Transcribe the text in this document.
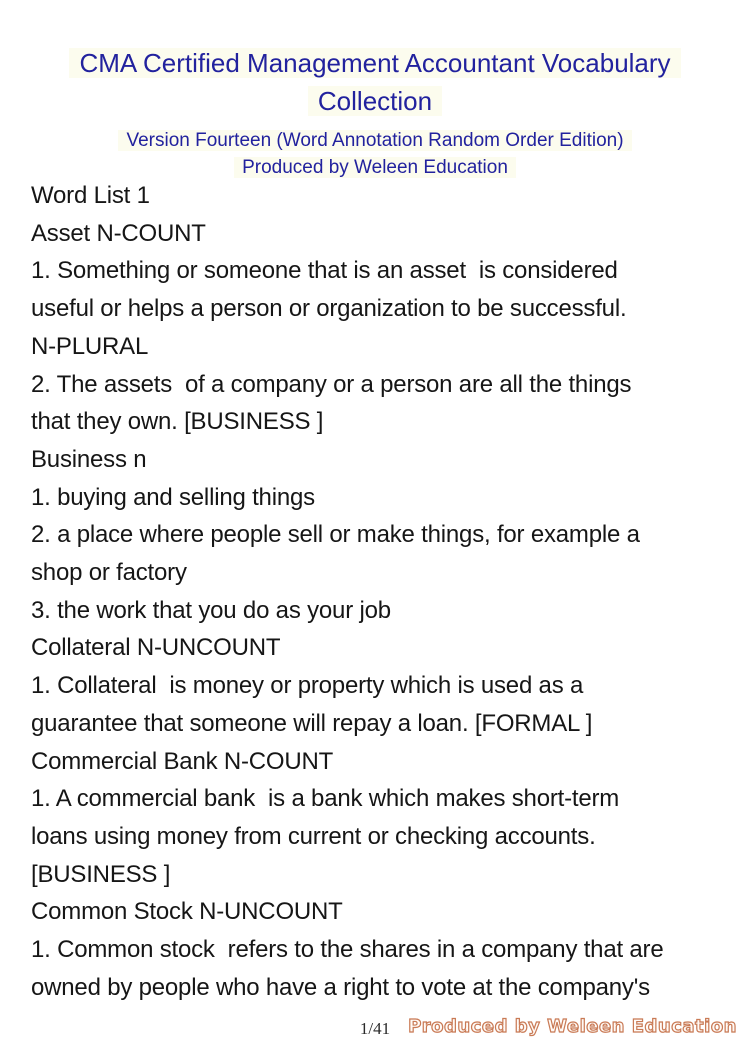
CMA Certified Management Accountant Vocabulary
Collection
Version Fourteen (Word Annotation Random Order Edition)
Produced by Weleen Education
Word List 1
Asset N-COUNT
1. Something or someone that is an asset  is considered
useful or helps a person or organization to be successful.
N-PLURAL
2. The assets  of a company or a person are all the things
that they own. [BUSINESS ]
Business n
1. buying and selling things
2. a place where people sell or make things, for example a
shop or factory
3. the work that you do as your job
Collateral N-UNCOUNT
1. Collateral  is money or property which is used as a
guarantee that someone will repay a loan. [FORMAL ]
Commercial Bank N-COUNT
1. A commercial bank  is a bank which makes short-term
loans using money from current or checking accounts.
[BUSINESS ]
Common Stock N-UNCOUNT
1. Common stock  refers to the shares in a company that are
owned by people who have a right to vote at the company's
1/41 Produced by Weleen Education
